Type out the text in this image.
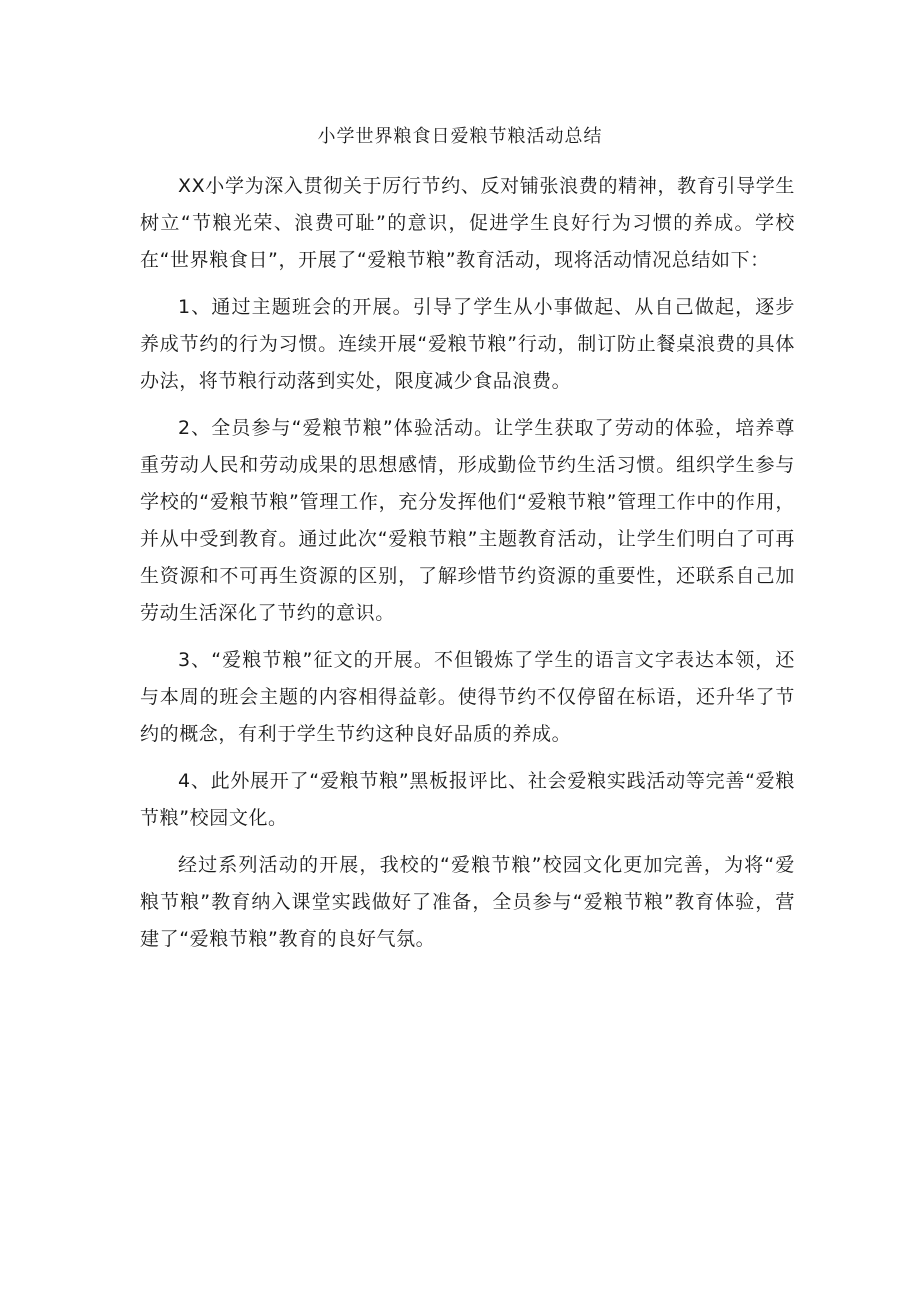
小学世界粮食日爱粮节粮活动总结

XX小学为深入贯彻关于厉行节约、反对铺张浪费的精神，教育引导学生树立“节粮光荣、浪费可耻”的意识，促进学生良好行为习惯的养成。学校在“世界粮食日”，开展了“爱粮节粮”教育活动，现将活动情况总结如下：

1、通过主题班会的开展。引导了学生从小事做起、从自己做起，逐步养成节约的行为习惯。连续开展“爱粮节粮”行动，制订防止餐桌浪费的具体办法，将节粮行动落到实处，限度减少食品浪费。

2、全员参与“爱粮节粮”体验活动。让学生获取了劳动的体验，培养尊重劳动人民和劳动成果的思想感情，形成勤俭节约生活习惯。组织学生参与学校的“爱粮节粮”管理工作，充分发挥他们“爱粮节粮”管理工作中的作用，并从中受到教育。通过此次“爱粮节粮”主题教育活动，让学生们明白了可再生资源和不可再生资源的区别，了解珍惜节约资源的重要性，还联系自己加劳动生活深化了节约的意识。

3、“爱粮节粮”征文的开展。不但锻炼了学生的语言文字表达本领，还与本周的班会主题的内容相得益彰。使得节约不仅停留在标语，还升华了节约的概念，有利于学生节约这种良好品质的养成。

4、此外展开了“爱粮节粮”黑板报评比、社会爱粮实践活动等完善“爱粮节粮”校园文化。

经过系列活动的开展，我校的“爱粮节粮”校园文化更加完善，为将“爱粮节粮”教育纳入课堂实践做好了准备，全员参与“爱粮节粮”教育体验，营建了“爱粮节粮”教育的良好气氛。
